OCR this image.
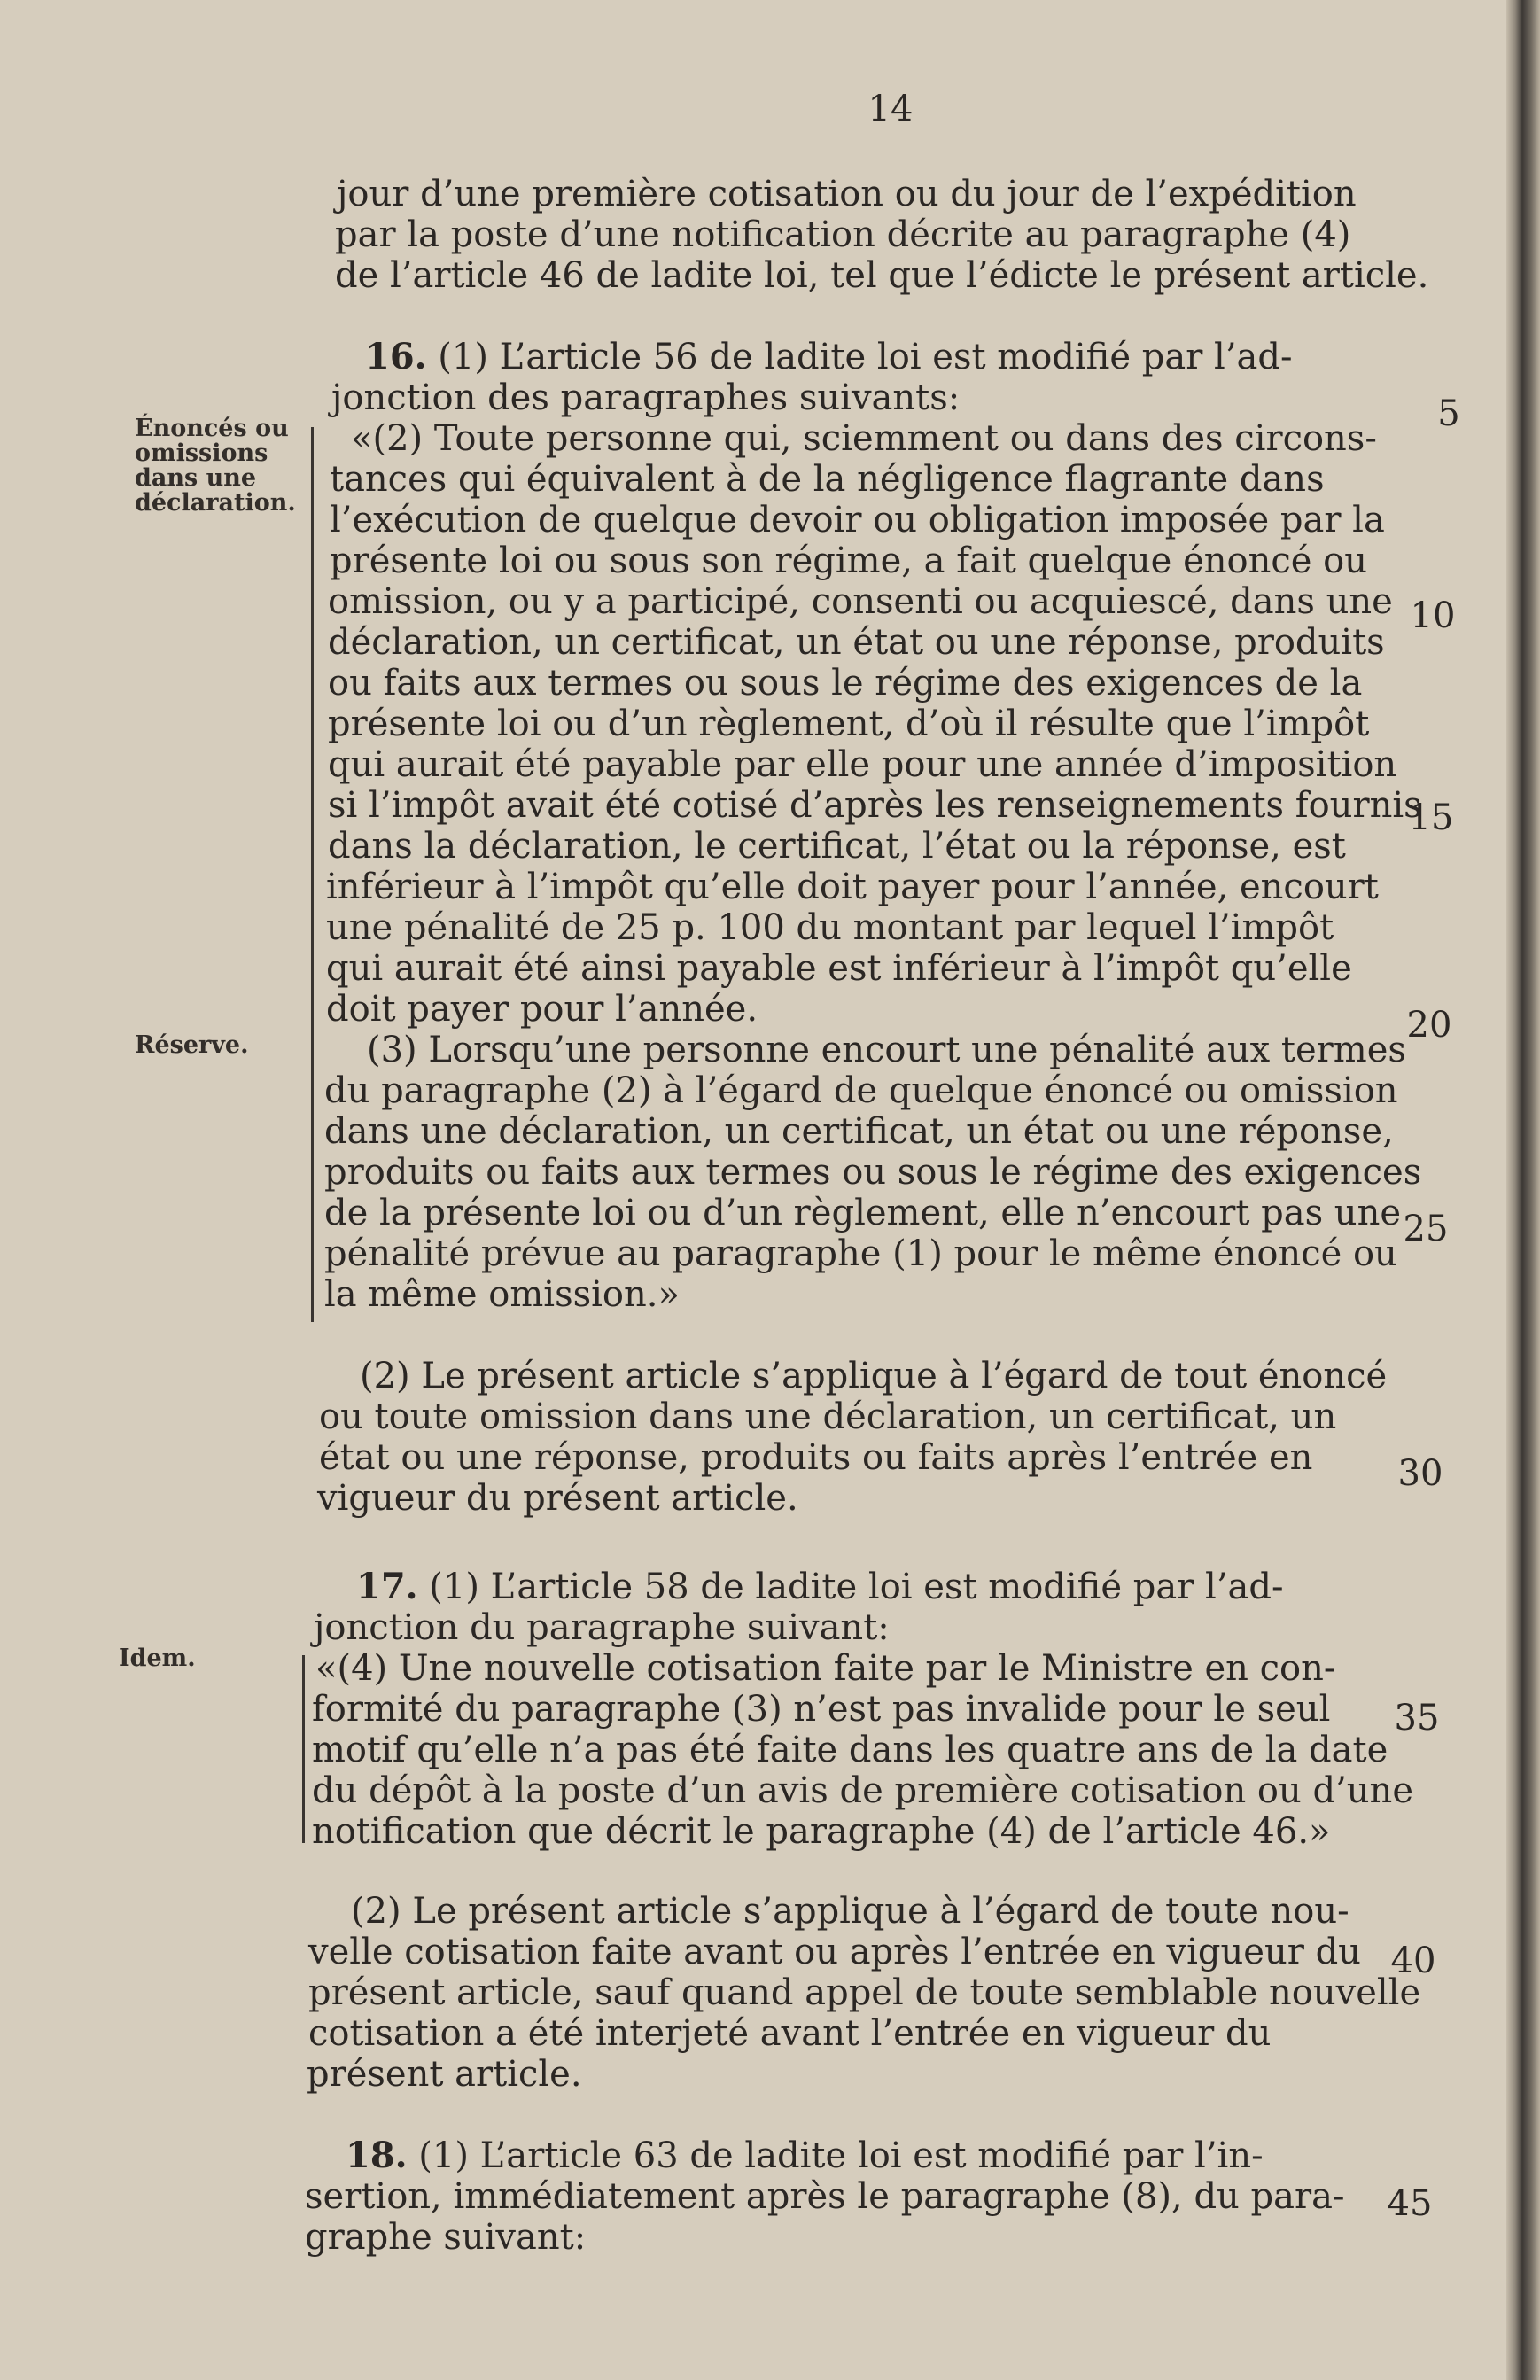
14
jour d’une première cotisation ou du jour de l’expédition
par la poste d’une notification décrite au paragraphe (4)
de l’article 46 de ladite loi, tel que l’édicte le présent article.
16. (1) L’article 56 de ladite loi est modifié par l’ad-
jonction des paragraphes suivants:
Énoncés ou
omissions
dans une
déclaration.
«(2) Toute personne qui, sciemment ou dans des circons-
tances qui équivalent à de la négligence flagrante dans
l’exécution de quelque devoir ou obligation imposée par la
présente loi ou sous son régime, a fait quelque énoncé ou
omission, ou y a participé, consenti ou acquiescé, dans une
déclaration, un certificat, un état ou une réponse, produits
ou faits aux termes ou sous le régime des exigences de la
présente loi ou d’un règlement, d’où il résulte que l’impôt
qui aurait été payable par elle pour une année d’imposition
si l’impôt avait été cotisé d’après les renseignements fournis
dans la déclaration, le certificat, l’état ou la réponse, est
inférieur à l’impôt qu’elle doit payer pour l’année, encourt
une pénalité de 25 p. 100 du montant par lequel l’impôt
qui aurait été ainsi payable est inférieur à l’impôt qu’elle
doit payer pour l’année.
Réserve.	(3) Lorsqu’une personne encourt une pénalité aux termes
du paragraphe (2) à l’égard de quelque énoncé ou omission
dans une déclaration, un certificat, un état ou une réponse,
produits ou faits aux termes ou sous le régime des exigences
de la présente loi ou d’un règlement, elle n’encourt pas une
pénalité prévue au paragraphe (1) pour le même énoncé ou
la même omission.»
(2) Le présent article s’applique à l’égard de tout énoncé
ou toute omission dans une déclaration, un certificat, un
état ou une réponse, produits ou faits après l’entrée en
vigueur du présent article.
17. (1) L’article 58 de ladite loi est modifié par l’ad-
jonction du paragraphe suivant:
Idem.	«(4) Une nouvelle cotisation faite par le Ministre en con-
formité du paragraphe (3) n’est pas invalide pour le seul
motif qu’elle n’a pas été faite dans les quatre ans de la date
du dépôt à la poste d’un avis de première cotisation ou d’une
notification que décrit le paragraphe (4) de l’article 46.»
(2) Le présent article s’applique à l’égard de toute nou-
velle cotisation faite avant ou après l’entrée en vigueur du
présent article, sauf quand appel de toute semblable nouvelle
cotisation a été interjeté avant l’entrée en vigueur du
présent article.
18. (1) L’article 63 de ladite loi est modifié par l’in-
sertion, immédiatement après le paragraphe (8), du para-
graphe suivant:
5
10
15
20
25
30
35
40
45
